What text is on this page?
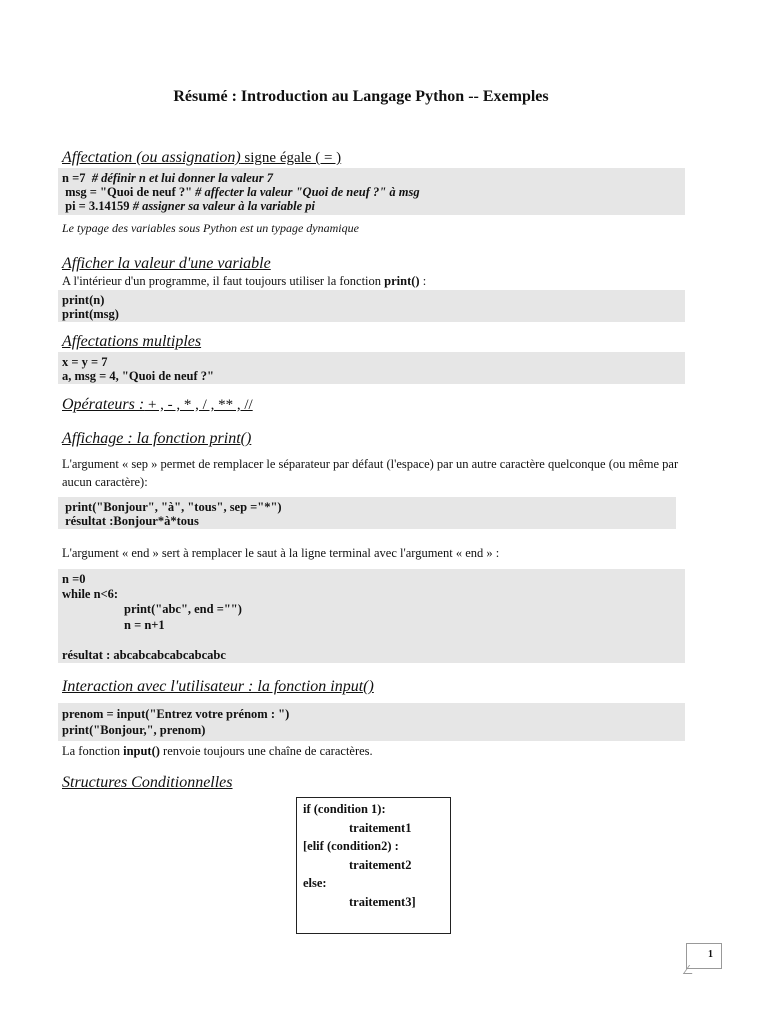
Résumé : Introduction au Langage Python -- Exemples
Affectation (ou assignation) signe égale ( = )
n =7  # définir n et lui donner la valeur 7
msg = "Quoi de neuf ?" # affecter la valeur "Quoi de neuf ?" à msg
pi = 3.14159 # assigner sa valeur à la variable pi
Le typage des variables sous Python est un typage dynamique
Afficher la valeur d'une variable
A l'intérieur d'un programme, il faut toujours utiliser la fonction print() :
print(n)
print(msg)
Affectations multiples
x = y = 7
a, msg = 4, "Quoi de neuf ?"
Opérateurs : + , - , * , / , ** , //
Affichage : la fonction print()
L'argument « sep » permet de remplacer le séparateur par défaut (l'espace) par un autre caractère quelconque (ou même par aucun caractère):
print("Bonjour", "à", "tous", sep ="*")
résultat :Bonjour*à*tous
L'argument « end » sert à remplacer le saut à la ligne terminal avec l'argument « end » :
n =0
while n<6:
print("abc", end ="")
n = n+1

résultat : abcabcabcabcabcabc
Interaction avec l'utilisateur : la fonction input()
prenom = input("Entrez votre prénom : ")
print("Bonjour,", prenom)
La fonction input() renvoie toujours une chaîne de caractères.
Structures Conditionnelles
if (condition 1):
traitement1
[elif (condition2) :
traitement2
else:
traitement3]
1
